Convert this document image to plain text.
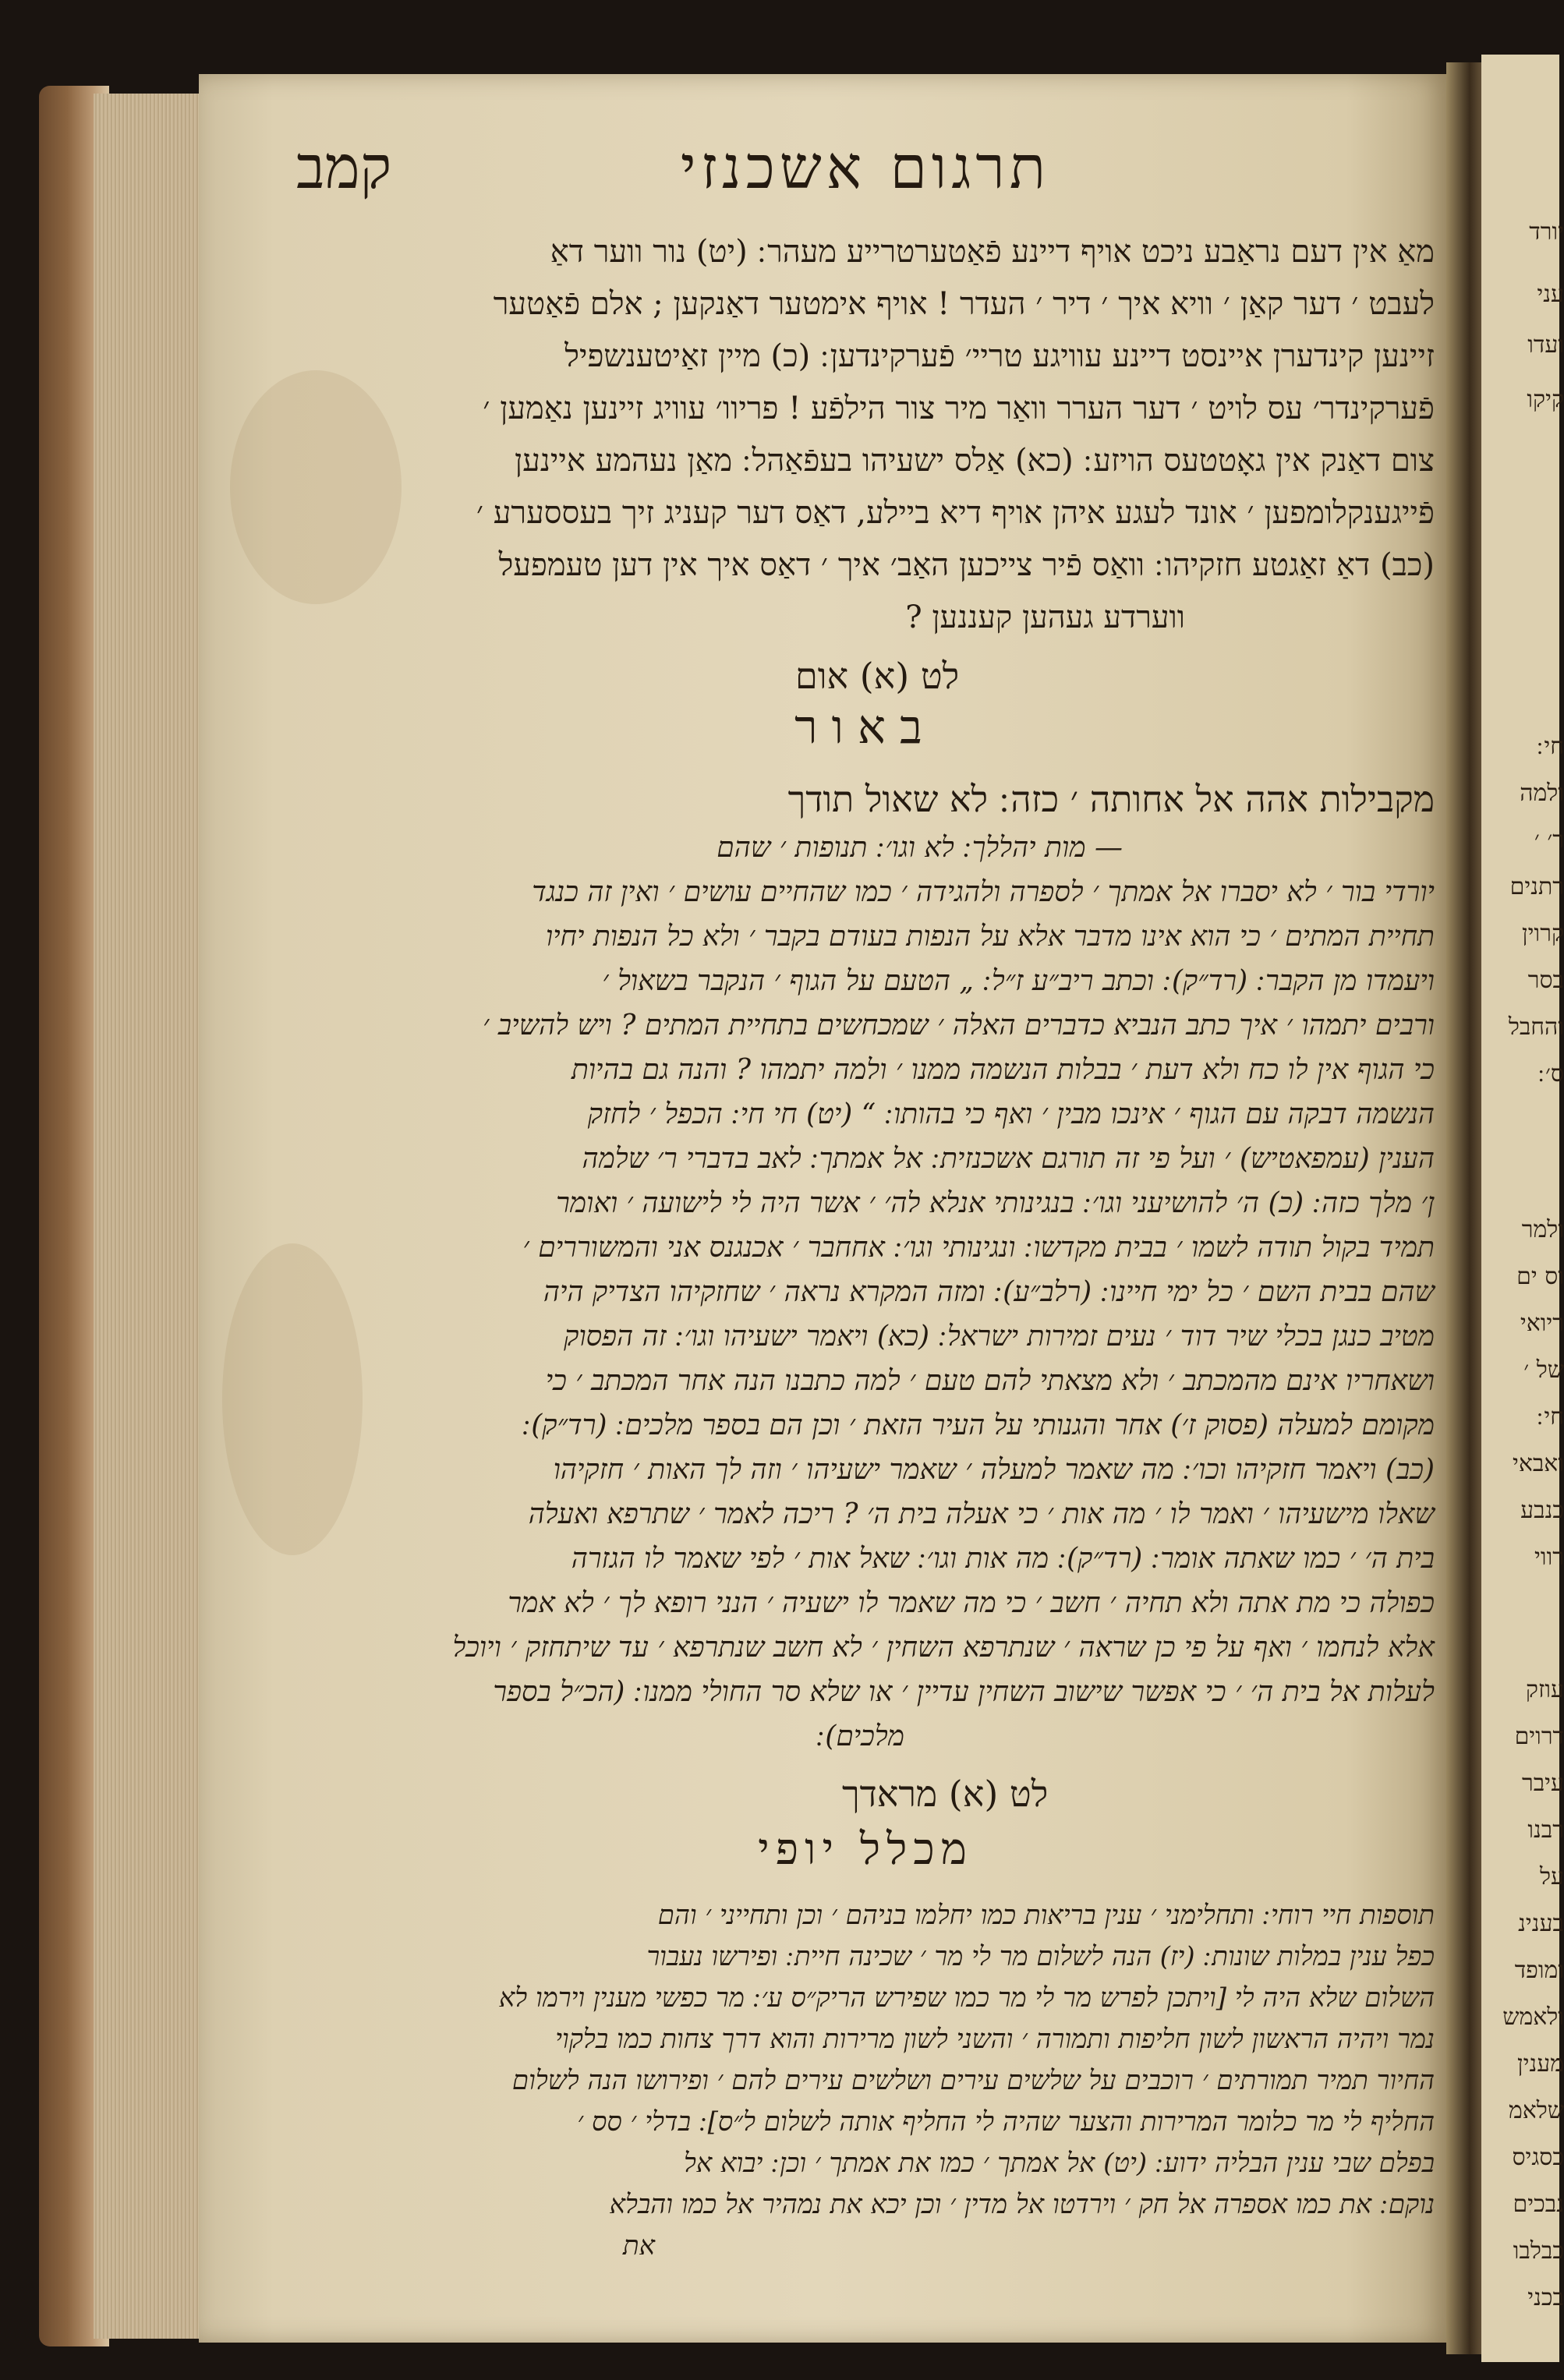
יורד
עני
ועדו
קיקו
חי ׃
ולמה
ר׳ ׳
רתנים
קרוין
בסר
והחבל
ס׳ ׃
ולמר
וס ים
ריואי
של ׳
חי ׃
ואבאי
כנבע
רווי
עוזק
דרוים
עיבר
רבנו
על
בענינ
ומופד
ולאמש
מענין
שלאמ
כסגיס
נבכים
כבלבו
בכני
תרגום אשכנזי
קמב

מאַ אין דעם נראַבע ניכט אויף דיינע פֿאַטערטרייע מעהר ׃ (יט) נור ווער דאַ

לעבט ׳ דער קאַן ׳ וויא איך ׳ דיר ׳ העדר ! אויף אימטער דאַנקען ; אלם פֿאַטער

זיינען קינדערן איינסט דיינע עוויגע טריי׳ פֿערקינדען ׃ (כ) מיין זאַיטענשפיל

פֿערקינדר׳ עס לויט ׳ דער הערר וואַר מיר צור הילפֿע ! פריוו׳ עוויג זיינען נאַמען ׳

צום דאַנק אין גאָטטעס הויזע ׃ (כא) אַלס ישעיהו בעפֿאַהל ׃ מאַן נעהמע איינען

פֿייגענקלומפען ׳ אונד לעגע איהן אויף דיא ביילע, דאַס דער קעניג זיך בעססערע ׳

(כב) דאַ זאַגטע חזקיהו ׃ וואַס פֿיר צייכען האַב׳ איך ׳ דאַס איך אין דען טעמפעל

ווערדע געהען קעננען ?

לט (א) אום
באור

מקבילות אהה אל אחותה ׳ כזה ׃ לא שאול תודך

— מות יהללך ׃ לא וגו׳ ׃ תנופות ׳ שהם

יורדי בור ׳ לא יסברו אל אמתך ׳ לספרה ולהגידה ׳ כמו שהחיים עושים ׳ ואין זה כנגד

תחיית המתים ׳ כי הוא אינו מדבר אלא על הנפות בעודם בקבר ׳ ולא כל הנפות יחיו

ויעמדו מן הקבר ׃ (רד״ק) ׃ וכתב ריב״ע ז״ל ׃ „ הטעם על הגוף ׳ הנקבר בשאול ׳

ורבים יתמהו ׳ איך כתב הנביא כדברים האלה ׳ שמכחשים בתחיית המתים ? ויש להשיב ׳

כי הגוף אין לו כח ולא דעת ׳ בבלות הנשמה ממנו ׳ ולמה יתמהו ? והנה גם בהיות

הנשמה דבקה עם הגוף ׳ אינכו מבין ׳ ואף כי בהותו ׃ “ (יט) חי חי ׃ הכפל ׳ לחזק

הענין (עמפאטיש) ׳ ועל פי זה תורגם אשכנזית ׃ אל אמתך ׃ לאב בדברי ר׳ שלמה

ן׳ מלך כזה ׃ (כ) ה׳ להושיעני וגו׳ ׃ בנגינותי אנלא לה׳ ׳ אשר היה לי לישועה ׳ ואומר

תמיד בקול תודה לשמו ׳ בבית מקדשו ׃ ונגינותי וגו׳ ׃ אחחבר ׳ אכנגנס אני והמשוררים ׳

שהם בבית השם ׳ כל ימי חיינו ׃ (רלב״ע) ׃ ומזה המקרא נראה ׳ שחזקיהו הצדיק היה

מטיב כנגן בכלי שיר דוד ׳ נעים זמירות ישראל ׃ (כא) ויאמר ישעיהו וגו׳ ׃ זה הפסוק

ושאחריו אינם מהמכתב ׳ ולא מצאתי להם טעם ׳ למה כתבנו הנה אחר המכתב ׳ כי

מקומם למעלה (פסוק ז׳) אחר והגנותי על העיר הזאת ׳ וכן הם בספר מלכים ׃ (רד״ק) ׃

(כב) ויאמר חזקיהו וכו׳ ׃ מה שאמר למעלה ׳ שאמר ישעיהו ׳ וזה לך האות ׳ חזקיהו

שאלו מישעיהו ׳ ואמר לו ׳ מה אות ׳ כי אעלה בית ה׳ ? ריכה לאמר ׳ שתרפא ואעלה

בית ה׳ ׳ כמו שאתה אומר ׃ (רד״ק) ׃ מה אות וגו׳ ׃ שאל אות ׳ לפי שאמר לו הגזרה

כפולה כי מת אתה ולא תחיה ׳ חשב ׳ כי מה שאמר לו ישעיה ׳ הנני רופא לך ׳ לא אמר

אלא לנחמו ׳ ואף על פי כן שראה ׳ שנתרפא השחין ׳ לא חשב שנתרפא ׳ עד שיתחזק ׳ ויוכל

לעלות אל בית ה׳ ׳ כי אפשר שישוב השחין עדיין ׳ או שלא סר החולי ממנו ׃ (הכ״ל בספר

מלכים) ׃

לט (א) מראדך
מכלל יופי

תוספות חיי רוחי ׃ ותחלימני ׳ ענין בריאות כמו יחלמו בניהם ׳ וכן ותחייני ׳ והם

כפל ענין במלות שונות ׃ (יז) הנה לשלום מר לי מר ׳ שכינה חיית ׃ ופירשו נעבור

השלום שלא היה לי [ויתכן לפרש מר לי מר כמו שפירש הריק״ס ע׳ ׃ מר כפשי מענין וירמו לא

נמר ויהיה הראשון לשון חליפות ותמורה ׳ והשני לשון מרירות והוא דרך צחות כמו בלקוי

החיור תמיר תמורתים ׳ רוכבים על שלשים עירים ושלשים עירים להם ׳ ופירושו הנה לשלום

החליף לי מר כלומר המרירות והצער שהיה לי החליף אותה לשלום ל״ס] ׃ בדלי ׳ סס ׳

בפלם שבי ענין הבליה ידוע ׃ (יט) אל אמתך ׳ כמו את אמתך ׳ וכן ׃ יבוא אל

נוקם ׃ את כמו אספרה אל חק ׳ וירדטו אל מדין ׳ וכן יכא את נמהיר אל כמו והבלא

את
